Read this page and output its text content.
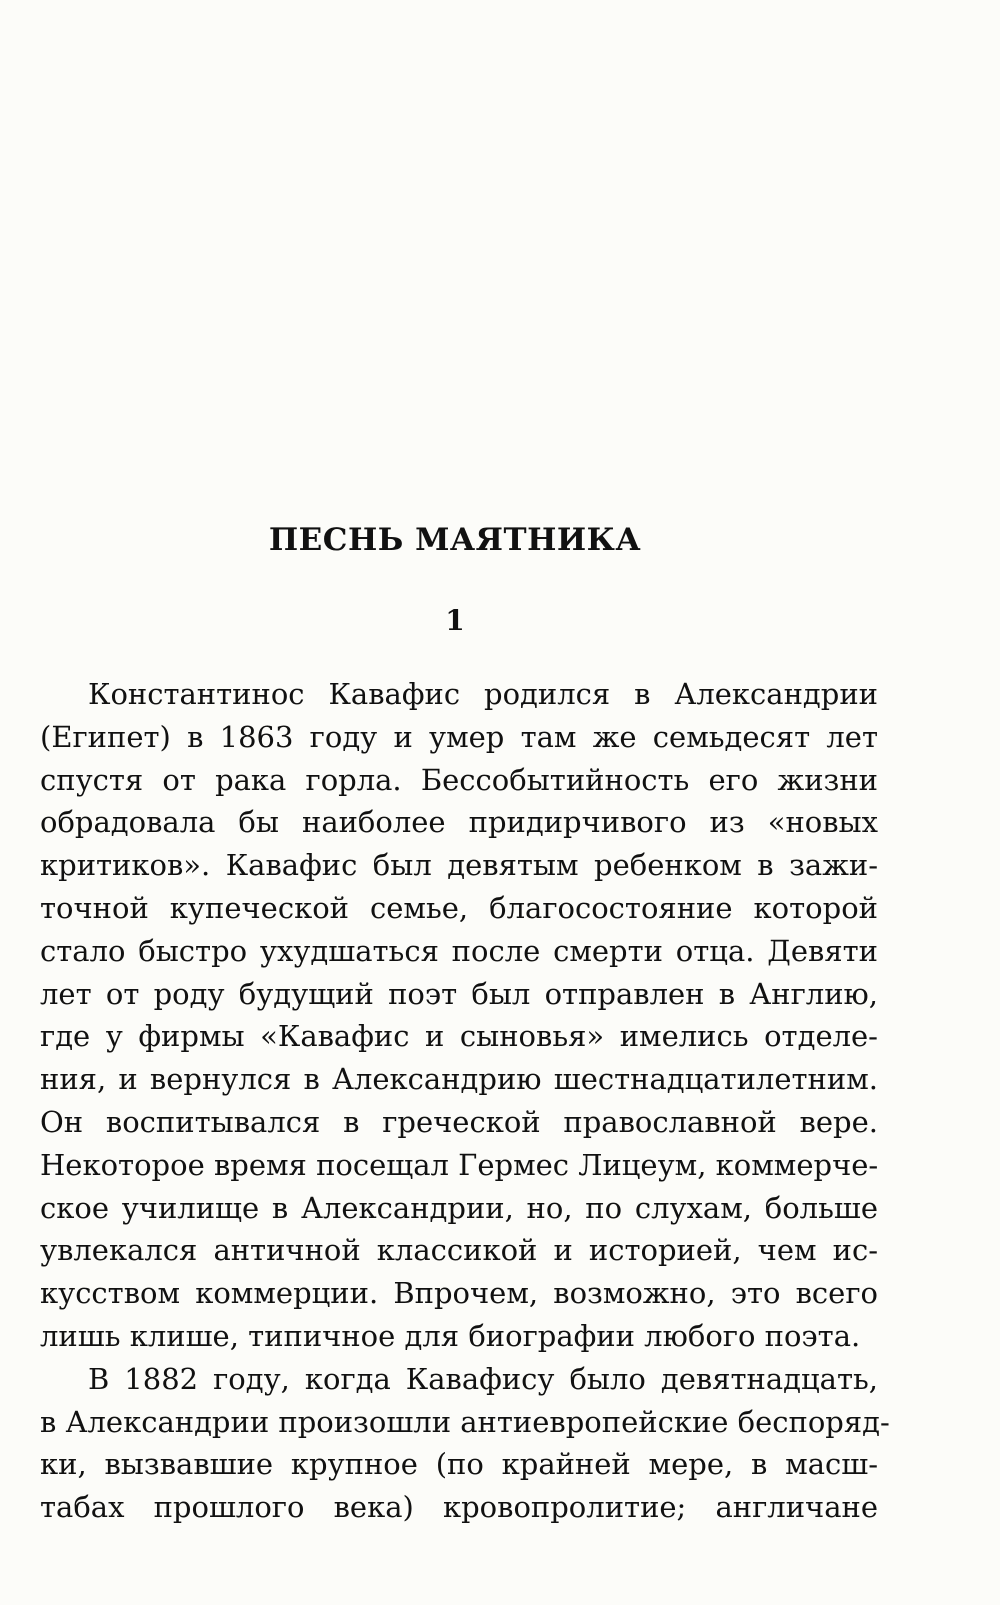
ПЕСНЬ МАЯТНИКА
1
Константинос Кавафис родился в Александрии
(Египет) в 1863 году и умер там же семьдесят лет
спустя от рака горла. Бессобытийность его жизни
обрадовала бы наиболее придирчивого из «новых
критиков». Кавафис был девятым ребенком в зажи-
точной купеческой семье, благосостояние которой
стало быстро ухудшаться после смерти отца. Девяти
лет от роду будущий поэт был отправлен в Англию,
где у фирмы «Кавафис и сыновья» имелись отделе-
ния, и вернулся в Александрию шестнадцатилетним.
Он воспитывался в греческой православной вере.
Некоторое время посещал Гермес Лицеум, коммерче-
ское училище в Александрии, но, по слухам, больше
увлекался античной классикой и историей, чем ис-
кусством коммерции. Впрочем, возможно, это всего
лишь клише, типичное для биографии любого поэта.
В 1882 году, когда Кавафису было девятнадцать,
в Александрии произошли антиевропейские беспоряд-
ки, вызвавшие крупное (по крайней мере, в масш-
табах прошлого века) кровопролитие; англичане
